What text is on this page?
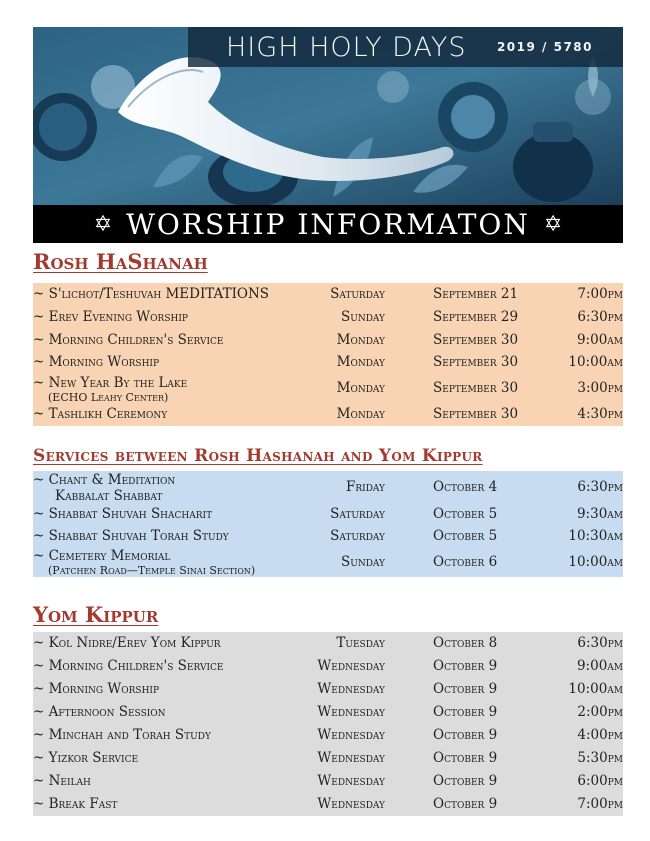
HIGH HOLY DAYS	2019 / 5780
✡ WORSHIP INFORMATON ✡
Rosh HaShanah
~ S'lichot/Teshuvah MEDITATIONS	Saturday	September 21	7:00pm
~ Erev Evening Worship	Sunday	September 29	6:30pm
~ Morning Children's Service	Monday	September 30	9:00am
~ Morning Worship	Monday	September 30	10:00am
~ New Year By the Lake
(ECHO Leahy Center)
Monday	September 30	3:00pm
~ Tashlikh Ceremony	Monday	September 30	4:30pm
Services between Rosh Hashanah and Yom Kippur
~ Chant & Meditation
Kabbalat Shabbat
Friday	October 4	6:30pm
~ Shabbat Shuvah Shacharit	Saturday	October 5	9:30am
~ Shabbat Shuvah Torah Study	Saturday	October 5	10:30am
~ Cemetery Memorial
(Patchen Road—Temple Sinai Section)
Sunday	October 6	10:00am
Yom Kippur
~ Kol Nidre/Erev Yom Kippur	Tuesday	October 8	6:30pm
~ Morning Children's Service	Wednesday	October 9	9:00am
~ Morning Worship	Wednesday	October 9	10:00am
~ Afternoon Session	Wednesday	October 9	2:00pm
~ Minchah and Torah Study	Wednesday	October 9	4:00pm
~ Yizkor Service	Wednesday	October 9	5:30pm
~ Neilah	Wednesday	October 9	6:00pm
~ Break Fast	Wednesday	October 9	7:00pm
